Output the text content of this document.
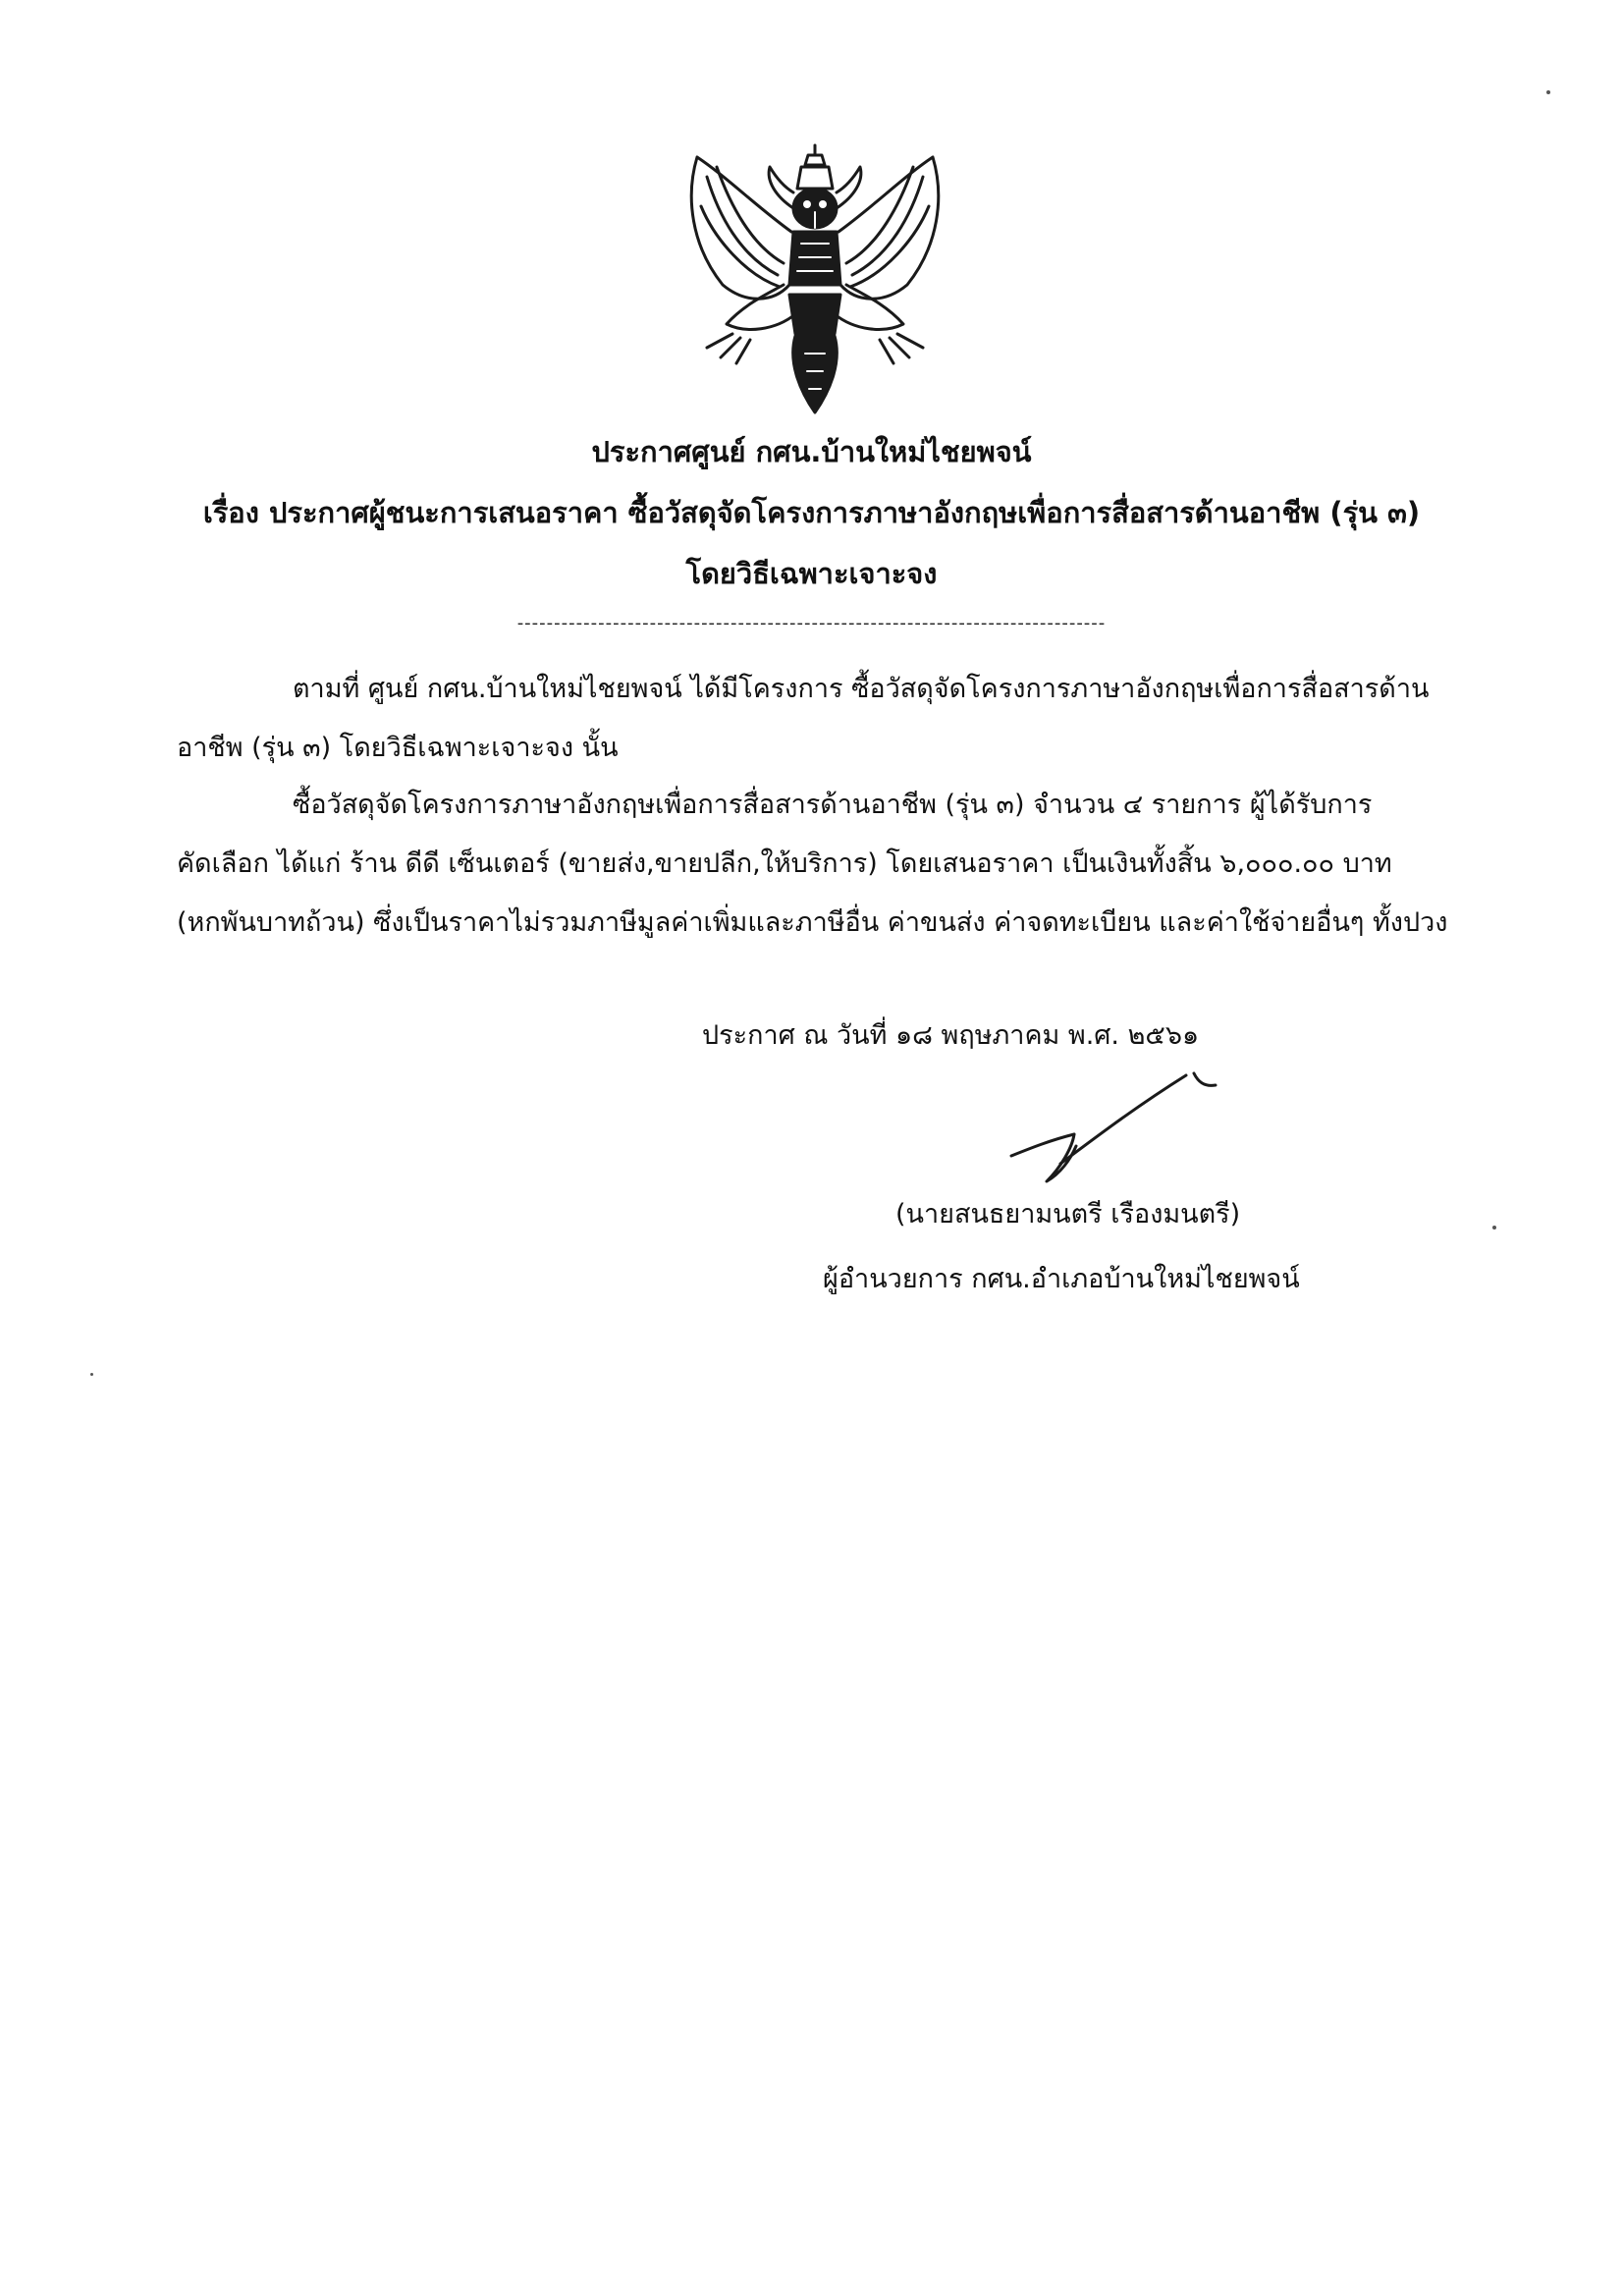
ประกาศศูนย์ กศน.บ้านใหม่ไชยพจน์
เรื่อง ประกาศผู้ชนะการเสนอราคา ซื้อวัสดุจัดโครงการภาษาอังกฤษเพื่อการสื่อสารด้านอาชีพ (รุ่น ๓)
โดยวิธีเฉพาะเจาะจง
--------------------------------------------------------------------------------
ตามที่ ศูนย์ กศน.บ้านใหม่ไชยพจน์ ได้มีโครงการ ซื้อวัสดุจัดโครงการภาษาอังกฤษเพื่อการสื่อสารด้าน
อาชีพ (รุ่น ๓) โดยวิธีเฉพาะเจาะจง นั้น
ซื้อวัสดุจัดโครงการภาษาอังกฤษเพื่อการสื่อสารด้านอาชีพ (รุ่น ๓) จำนวน ๔ รายการ ผู้ได้รับการ
คัดเลือก ได้แก่ ร้าน ดีดี เซ็นเตอร์ (ขายส่ง,ขายปลีก,ให้บริการ) โดยเสนอราคา เป็นเงินทั้งสิ้น ๖,๐๐๐.๐๐ บาท
(หกพันบาทถ้วน) ซึ่งเป็นราคาไม่รวมภาษีมูลค่าเพิ่มและภาษีอื่น ค่าขนส่ง ค่าจดทะเบียน และค่าใช้จ่ายอื่นๆ ทั้งปวง
ประกาศ ณ วันที่ ๑๘ พฤษภาคม พ.ศ. ๒๕๖๑
(นายสนธยามนตรี เรืองมนตรี)
ผู้อำนวยการ กศน.อำเภอบ้านใหม่ไชยพจน์
